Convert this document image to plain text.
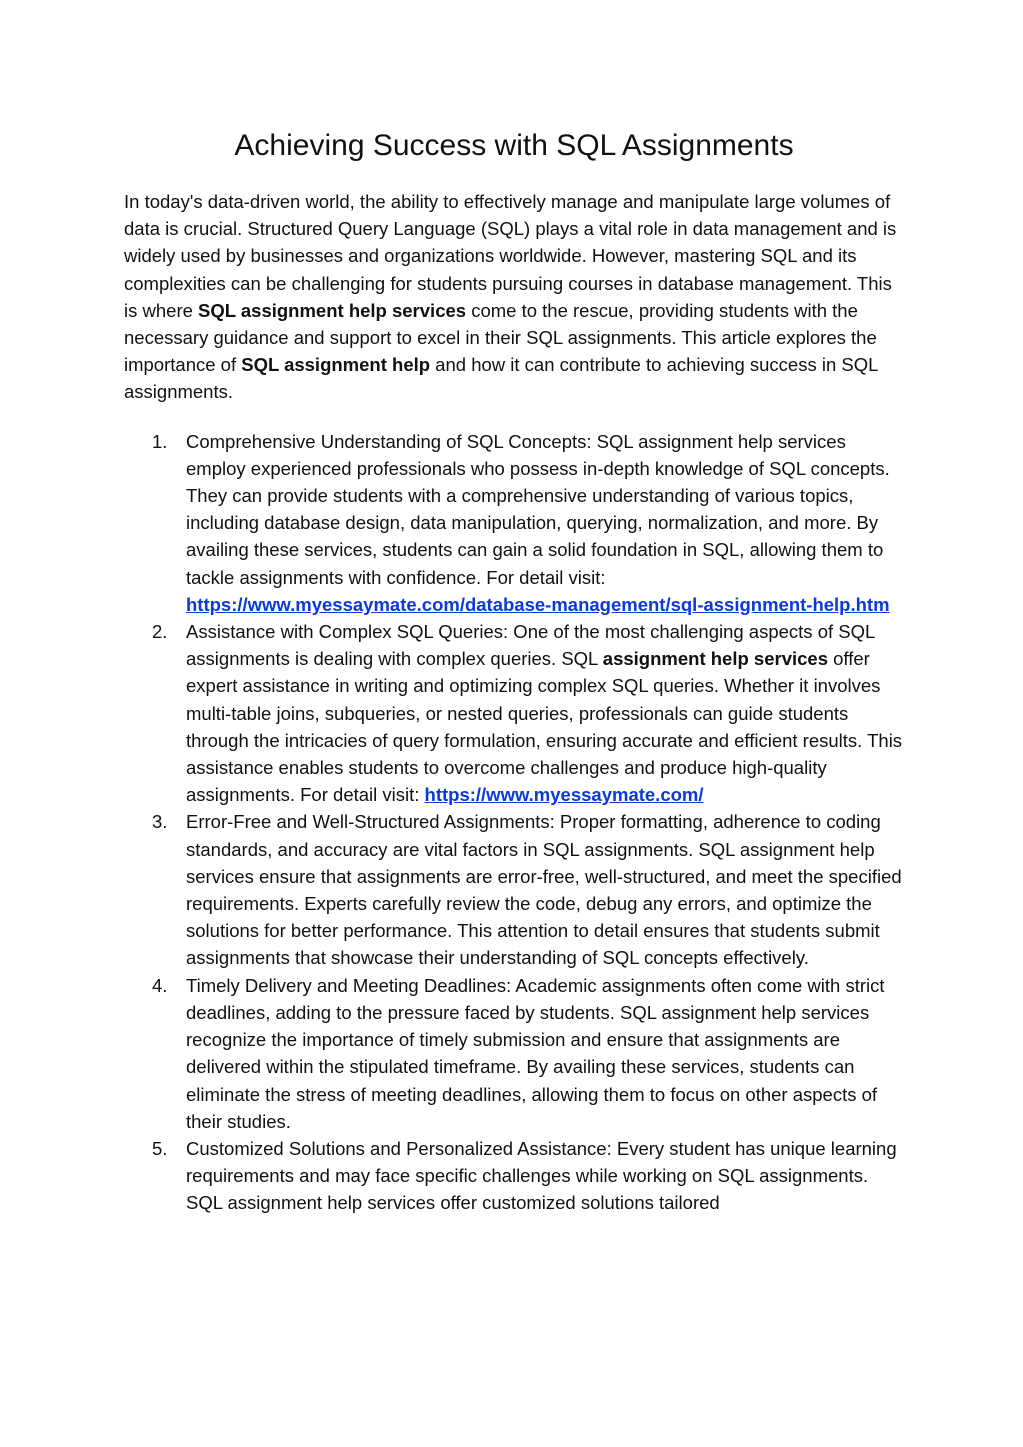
Achieving Success with SQL Assignments

In today's data-driven world, the ability to effectively manage and manipulate large volumes of data is crucial. Structured Query Language (SQL) plays a vital role in data management and is widely used by businesses and organizations worldwide. However, mastering SQL and its complexities can be challenging for students pursuing courses in database management. This is where SQL assignment help services come to the rescue, providing students with the necessary guidance and support to excel in their SQL assignments. This article explores the importance of SQL assignment help and how it can contribute to achieving success in SQL assignments.

1. Comprehensive Understanding of SQL Concepts: SQL assignment help services employ experienced professionals who possess in-depth knowledge of SQL concepts. They can provide students with a comprehensive understanding of various topics, including database design, data manipulation, querying, normalization, and more. By availing these services, students can gain a solid foundation in SQL, allowing them to tackle assignments with confidence. For detail visit: https://www.myessaymate.com/database-management/sql-assignment-help.htm
2. Assistance with Complex SQL Queries: One of the most challenging aspects of SQL assignments is dealing with complex queries. SQL assignment help services offer expert assistance in writing and optimizing complex SQL queries. Whether it involves multi-table joins, subqueries, or nested queries, professionals can guide students through the intricacies of query formulation, ensuring accurate and efficient results. This assistance enables students to overcome challenges and produce high-quality assignments. For detail visit: https://www.myessaymate.com/
3. Error-Free and Well-Structured Assignments: Proper formatting, adherence to coding standards, and accuracy are vital factors in SQL assignments. SQL assignment help services ensure that assignments are error-free, well-structured, and meet the specified requirements. Experts carefully review the code, debug any errors, and optimize the solutions for better performance. This attention to detail ensures that students submit assignments that showcase their understanding of SQL concepts effectively.
4. Timely Delivery and Meeting Deadlines: Academic assignments often come with strict deadlines, adding to the pressure faced by students. SQL assignment help services recognize the importance of timely submission and ensure that assignments are delivered within the stipulated timeframe. By availing these services, students can eliminate the stress of meeting deadlines, allowing them to focus on other aspects of their studies.
5. Customized Solutions and Personalized Assistance: Every student has unique learning requirements and may face specific challenges while working on SQL assignments. SQL assignment help services offer customized solutions tailored
